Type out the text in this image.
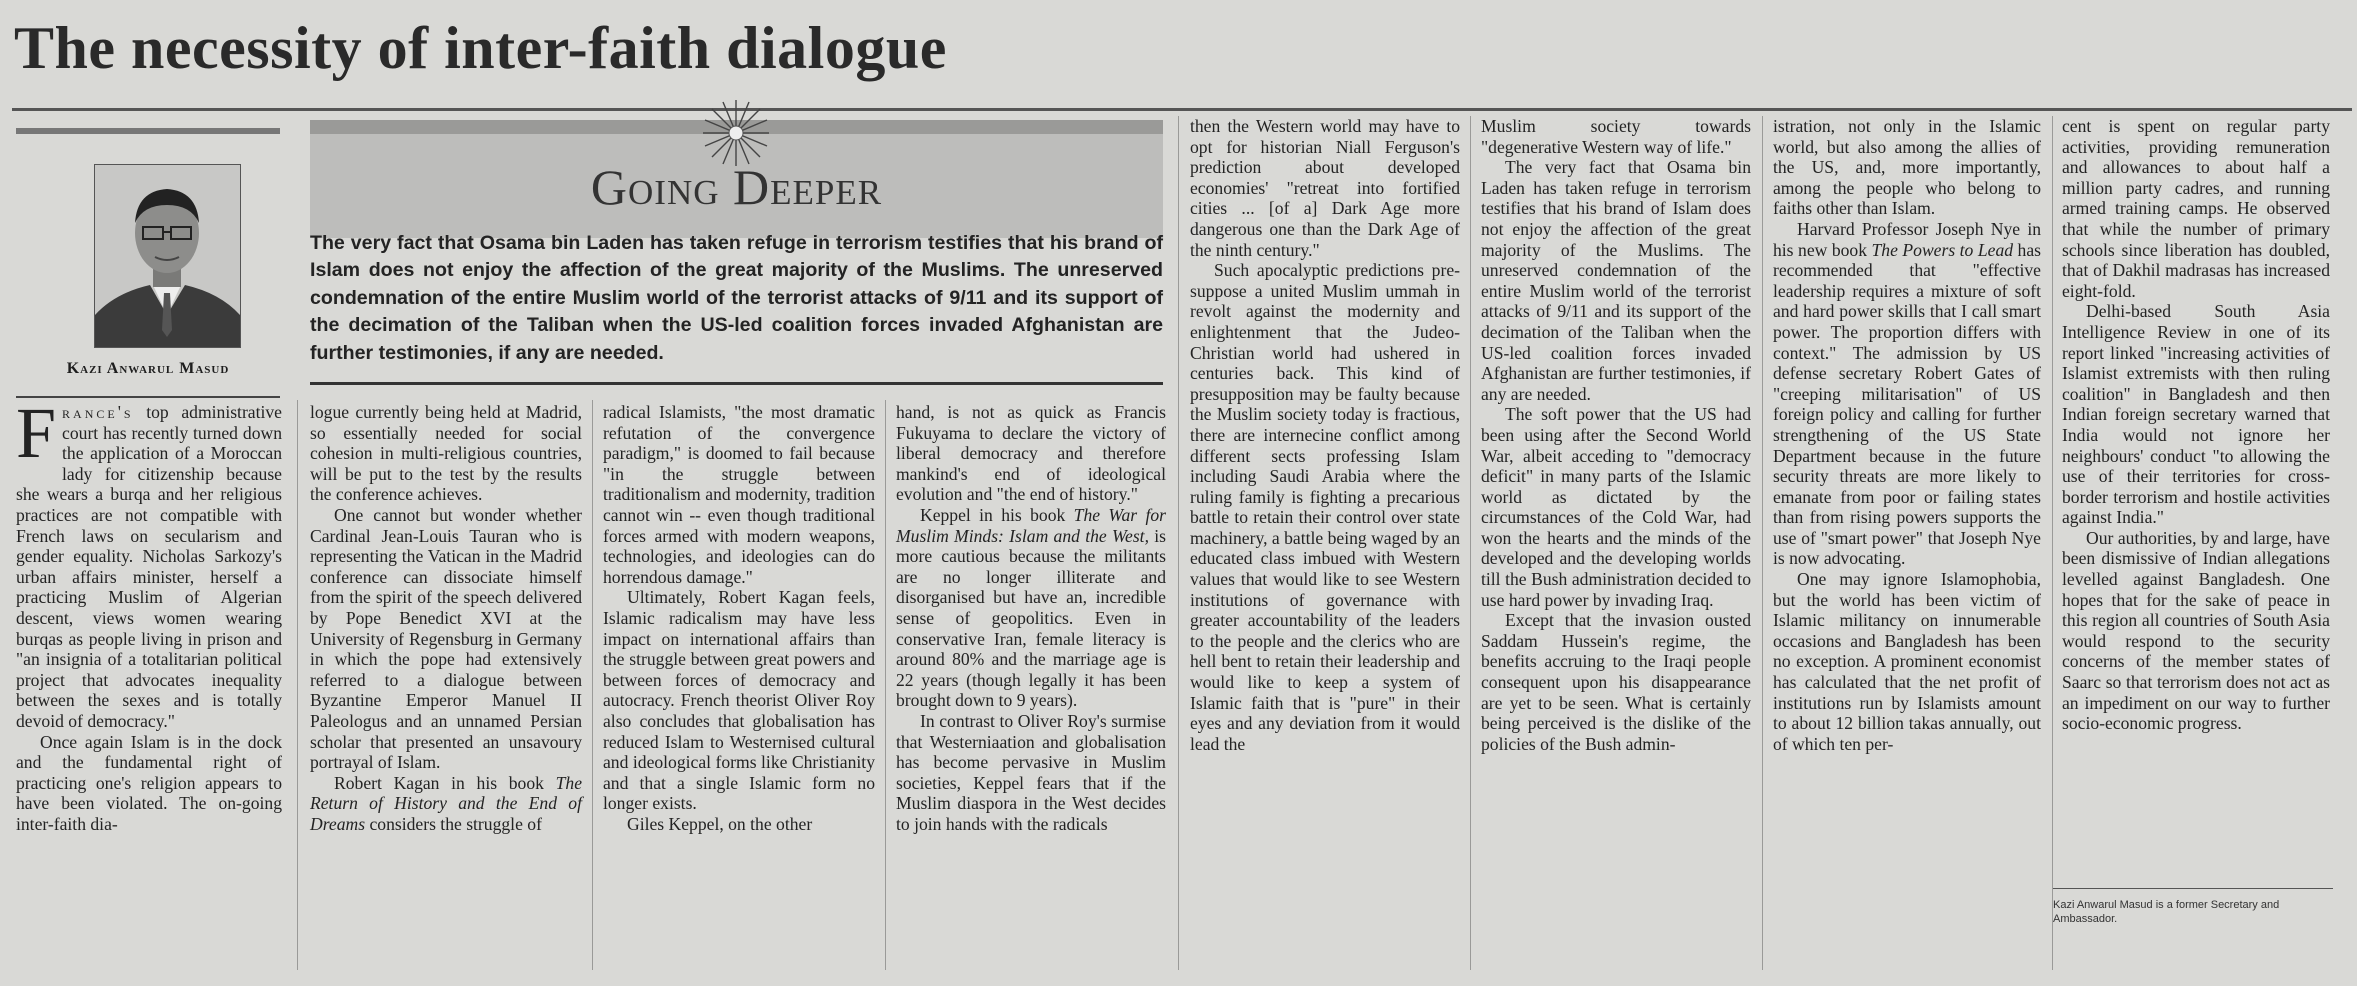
The necessity of inter-faith dialogue
Kazi Anwarul Masud
Going Deeper

The very fact that Osama bin Laden has taken refuge in terrorism testifies that his brand of Islam does not enjoy the affection of the great majority of the Muslims. The unreserved condemnation of the entire Muslim world of the terrorist attacks of 9/11 and its support of the decimation of the Taliban when the US-led coalition forces invaded Afghanistan are further testimonies, if any are needed.

France's top administrative court has recently turned down the application of a Moroccan lady for citizenship because she wears a burqa and her religious practices are not compatible with French laws on secularism and gender equality. Nicholas Sarkozy's urban affairs minister, herself a practicing Muslim of Algerian descent, views women wearing burqas as people living in prison and "an insignia of a totalitarian political project that advocates inequality between the sexes and is totally devoid of democracy."

Once again Islam is in the dock and the fundamental right of practicing one's religion appears to have been violated. The on-going inter-faith dia-

logue currently being held at Madrid, so essentially needed for social cohesion in multi-religious countries, will be put to the test by the results the conference achieves.

One cannot but wonder whether Cardinal Jean-Louis Tauran who is representing the Vatican in the Madrid conference can dissociate himself from the spirit of the speech delivered by Pope Benedict XVI at the University of Regensburg in Germany in which the pope had extensively referred to a dialogue between Byzantine Emperor Manuel II Paleologus and an unnamed Persian scholar that presented an unsavoury portrayal of Islam.

Robert Kagan in his book The Return of History and the End of Dreams considers the struggle of

radical Islamists, "the most dramatic refutation of the convergence paradigm," is doomed to fail because "in the struggle between traditionalism and modernity, tradition cannot win -- even though traditional forces armed with modern weapons, technologies, and ideologies can do horrendous damage."

Ultimately, Robert Kagan feels, Islamic radicalism may have less impact on international affairs than the struggle between great powers and between forces of democracy and autocracy. French theorist Oliver Roy also concludes that globalisation has reduced Islam to Westernised cultural and ideological forms like Christianity and that a single Islamic form no longer exists.

Giles Keppel, on the other

hand, is not as quick as Francis Fukuyama to declare the victory of liberal democracy and therefore mankind's end of ideological evolution and "the end of history."

Keppel in his book The War for Muslim Minds: Islam and the West, is more cautious because the militants are no longer illiterate and disorganised but have an, incredible sense of geopolitics. Even in conservative Iran, female literacy is around 80% and the marriage age is 22 years (though legally it has been brought down to 9 years).

In contrast to Oliver Roy's surmise that Westerniaation and globalisation has become pervasive in Muslim societies, Keppel fears that if the Muslim diaspora in the West decides to join hands with the radicals

then the Western world may have to opt for historian Niall Ferguson's prediction about developed economies' "retreat into fortified cities ... [of a] Dark Age more dangerous one than the Dark Age of the ninth century."

Such apocalyptic predictions pre-suppose a united Muslim ummah in revolt against the modernity and enlightenment that the Judeo-Christian world had ushered in centuries back. This kind of presupposition may be faulty because the Muslim society today is fractious, there are internecine conflict among different sects professing Islam including Saudi Arabia where the ruling family is fighting a precarious battle to retain their control over state machinery, a battle being waged by an educated class imbued with Western values that would like to see Western institutions of governance with greater accountability of the leaders to the people and the clerics who are hell bent to retain their leadership and would like to keep a system of Islamic faith that is "pure" in their eyes and any deviation from it would lead the

Muslim society towards "degenerative Western way of life."

The very fact that Osama bin Laden has taken refuge in terrorism testifies that his brand of Islam does not enjoy the affection of the great majority of the Muslims. The unreserved condemnation of the entire Muslim world of the terrorist attacks of 9/11 and its support of the decimation of the Taliban when the US-led coalition forces invaded Afghanistan are further testimonies, if any are needed.

The soft power that the US had been using after the Second World War, albeit acceding to "democracy deficit" in many parts of the Islamic world as dictated by the circumstances of the Cold War, had won the hearts and the minds of the developed and the developing worlds till the Bush administration decided to use hard power by invading Iraq.

Except that the invasion ousted Saddam Hussein's regime, the benefits accruing to the Iraqi people consequent upon his disappearance are yet to be seen. What is certainly being perceived is the dislike of the policies of the Bush admin-

istration, not only in the Islamic world, but also among the allies of the US, and, more importantly, among the people who belong to faiths other than Islam.

Harvard Professor Joseph Nye in his new book The Powers to Lead has recommended that "effective leadership requires a mixture of soft and hard power skills that I call smart power. The proportion differs with context." The admission by US defense secretary Robert Gates of "creeping militarisation" of US foreign policy and calling for further strengthening of the US State Department because in the future security threats are more likely to emanate from poor or failing states than from rising powers supports the use of "smart power" that Joseph Nye is now advocating.

One may ignore Islamophobia, but the world has been victim of Islamic militancy on innumerable occasions and Bangladesh has been no exception. A prominent economist has calculated that the net profit of institutions run by Islamists amount to about 12 billion takas annually, out of which ten per-

cent is spent on regular party activities, providing remuneration and allowances to about half a million party cadres, and running armed training camps. He observed that while the number of primary schools since liberation has doubled, that of Dakhil madrasas has increased eight-fold.

Delhi-based South Asia Intelligence Review in one of its report linked "increasing activities of Islamist extremists with then ruling coalition" in Bangladesh and then Indian foreign secretary warned that India would not ignore her neighbours' conduct "to allowing the use of their territories for cross-border terrorism and hostile activities against India."

Our authorities, by and large, have been dismissive of Indian allegations levelled against Bangladesh. One hopes that for the sake of peace in this region all countries of South Asia would respond to the security concerns of the member states of Saarc so that terrorism does not act as an impediment on our way to further socio-economic progress.

Kazi Anwarul Masud is a former Secretary and Ambassador.
